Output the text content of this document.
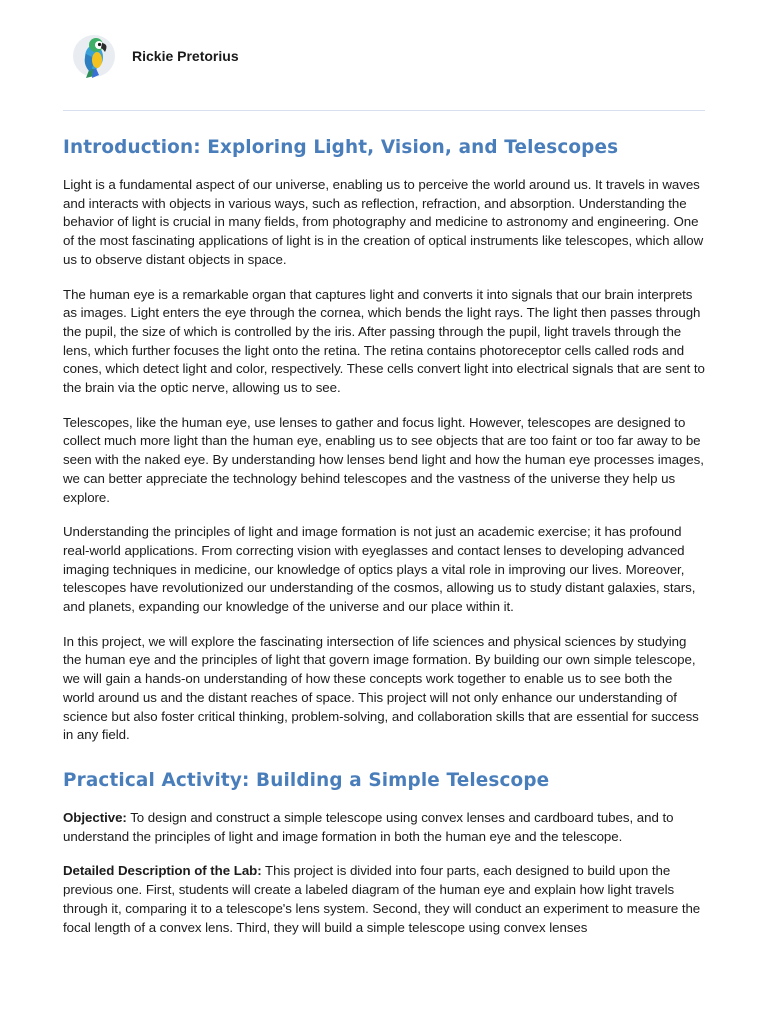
Rickie Pretorius
Introduction: Exploring Light, Vision, and Telescopes

Light is a fundamental aspect of our universe, enabling us to perceive the world around us. It travels in waves and interacts with objects in various ways, such as reflection, refraction, and absorption. Understanding the behavior of light is crucial in many fields, from photography and medicine to astronomy and engineering. One of the most fascinating applications of light is in the creation of optical instruments like telescopes, which allow us to observe distant objects in space.

The human eye is a remarkable organ that captures light and converts it into signals that our brain interprets as images. Light enters the eye through the cornea, which bends the light rays. The light then passes through the pupil, the size of which is controlled by the iris. After passing through the pupil, light travels through the lens, which further focuses the light onto the retina. The retina contains photoreceptor cells called rods and cones, which detect light and color, respectively. These cells convert light into electrical signals that are sent to the brain via the optic nerve, allowing us to see.

Telescopes, like the human eye, use lenses to gather and focus light. However, telescopes are designed to collect much more light than the human eye, enabling us to see objects that are too faint or too far away to be seen with the naked eye. By understanding how lenses bend light and how the human eye processes images, we can better appreciate the technology behind telescopes and the vastness of the universe they help us explore.

Understanding the principles of light and image formation is not just an academic exercise; it has profound real-world applications. From correcting vision with eyeglasses and contact lenses to developing advanced imaging techniques in medicine, our knowledge of optics plays a vital role in improving our lives. Moreover, telescopes have revolutionized our understanding of the cosmos, allowing us to study distant galaxies, stars, and planets, expanding our knowledge of the universe and our place within it.

In this project, we will explore the fascinating intersection of life sciences and physical sciences by studying the human eye and the principles of light that govern image formation. By building our own simple telescope, we will gain a hands-on understanding of how these concepts work together to enable us to see both the world around us and the distant reaches of space. This project will not only enhance our understanding of science but also foster critical thinking, problem-solving, and collaboration skills that are essential for success in any field.

Practical Activity: Building a Simple Telescope

Objective: To design and construct a simple telescope using convex lenses and cardboard tubes, and to understand the principles of light and image formation in both the human eye and the telescope.

Detailed Description of the Lab: This project is divided into four parts, each designed to build upon the previous one. First, students will create a labeled diagram of the human eye and explain how light travels through it, comparing it to a telescope's lens system. Second, they will conduct an experiment to measure the focal length of a convex lens. Third, they will build a simple telescope using convex lenses
